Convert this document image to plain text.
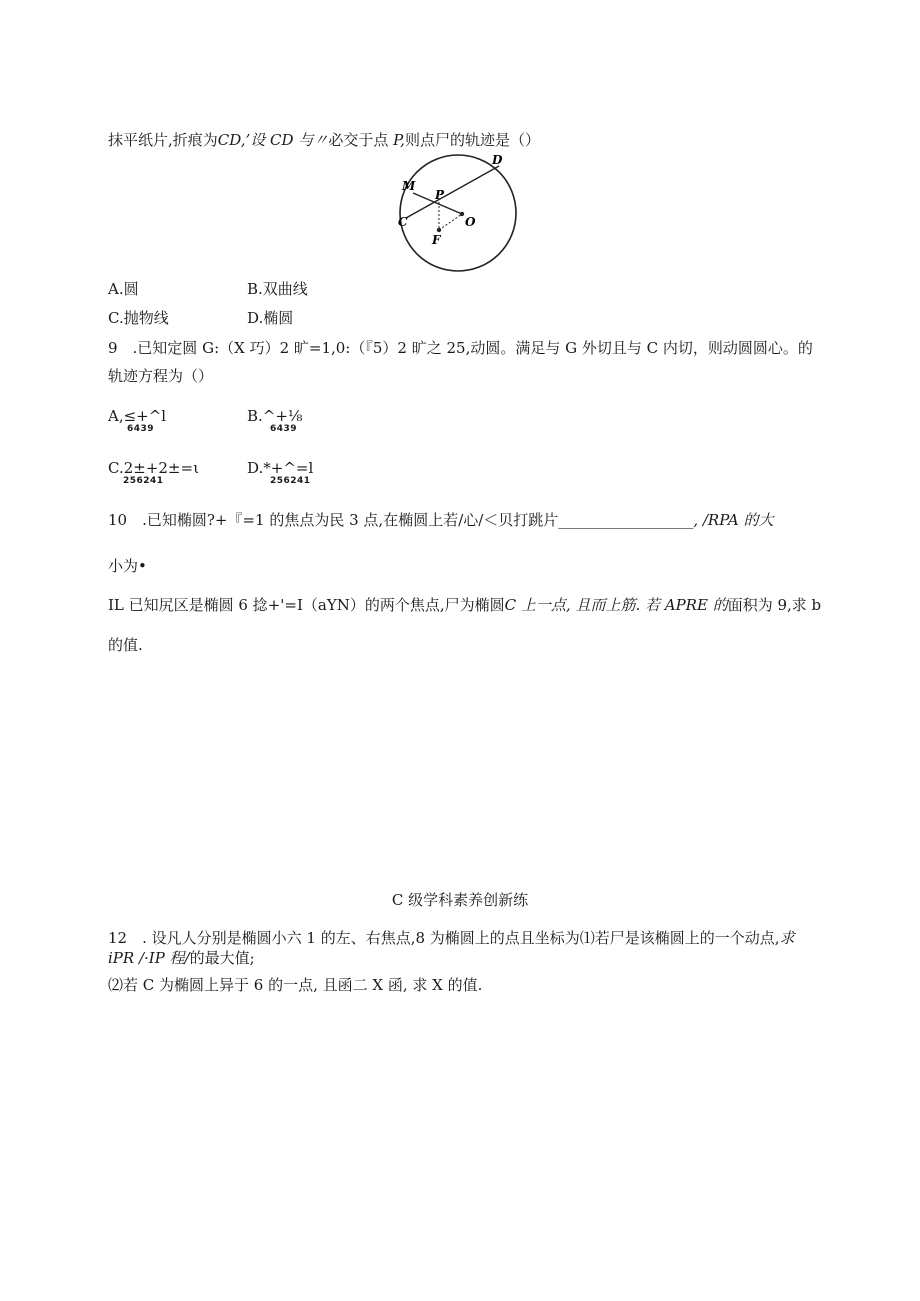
抹平纸片,折痕为CD,’设 CD 与〃必交于点 P,则点尸的轨迹是（）
D
M
P
C	O
F
A.圆	B.双曲线
C.抛物线	D.椭圆
9　.已知定圆 G:（X 巧）2 旷=1,0:（『5）2 旷之 25,动圆。满足与 G 外切且与 C 内切，则动圆圆心。的
轨迹方程为（）
A,≤+^l
6439
B.^+⅛
6439
C.2±+2±=ι
256241
D.*+^=l
256241
10　.已知椭圆?+『=1 的焦点为民 3 点,在椭圆上若/心/＜贝打跳片__________________, /RPA 的大
小为•
IL 已知尻区是椭圆 6 捻+'=I（aYN）的两个焦点,尸为椭圆C 上一点, 且而上筋. 若 APRE 的面积为 9,求 b
的值.
C 级学科素养创新练
12　. 设凡人分别是椭圆小六 1 的左、右焦点,8 为椭圆上的点且坐标为⑴若尸是该椭圆上的一个动点,求
iPR /·IP 程/的最大值;
⑵若 C 为椭圆上异于 6 的一点, 且函二 X 函, 求 X 的值.
